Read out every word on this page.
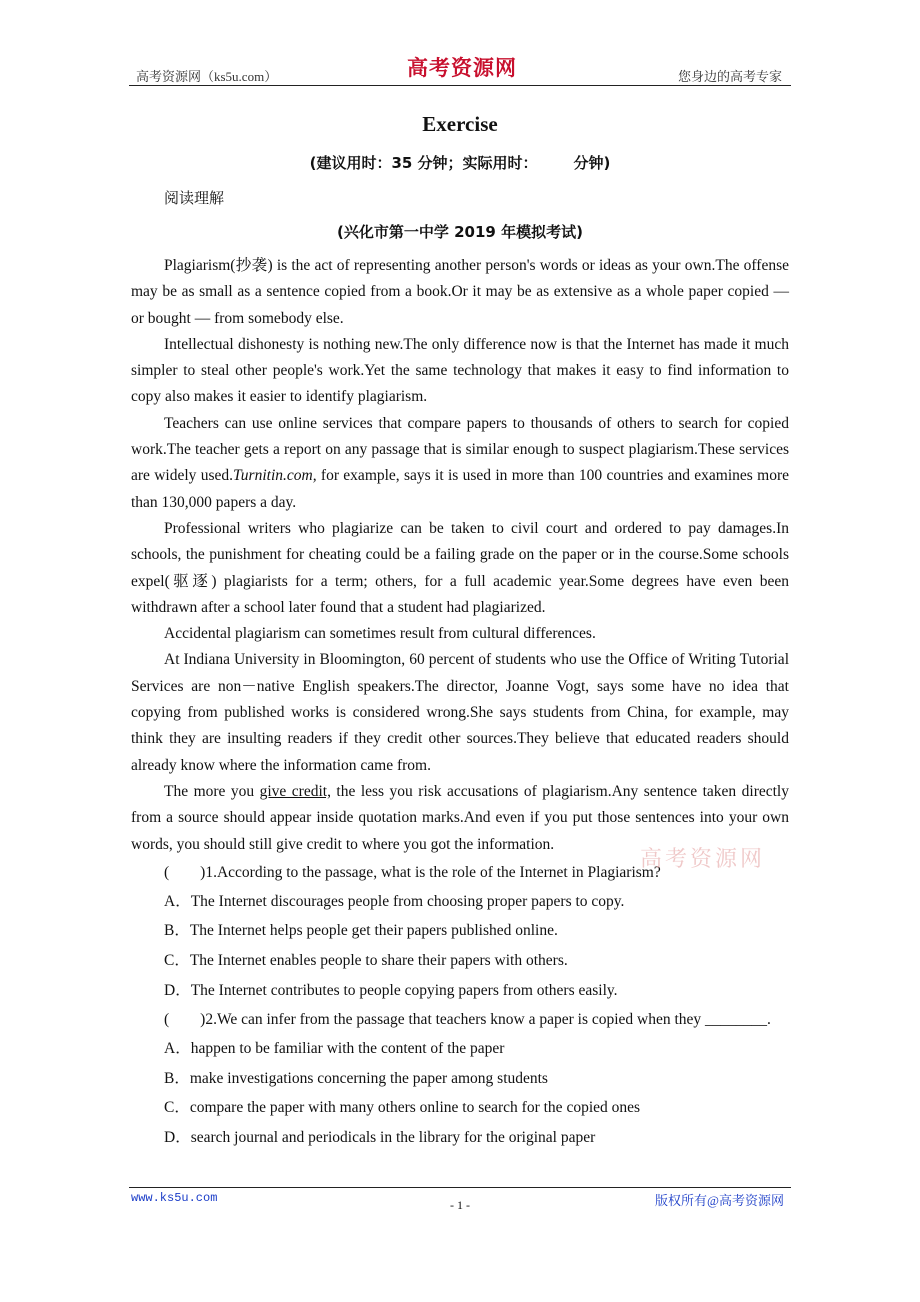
高考资源网（ks5u.com）	高考资源网	您身边的高考专家
Exercise
(建议用时：35 分钟；实际用时： 分钟)
阅读理解
(兴化市第一中学 2019 年模拟考试)

Plagiarism(抄袭) is the act of representing another person's words or ideas as your own.The offense may be as small as a sentence copied from a book.Or it may be as extensive as a whole paper copied — or bought — from somebody else.

Intellectual dishonesty is nothing new.The only difference now is that the Internet has made it much simpler to steal other people's work.Yet the same technology that makes it easy to find information to copy also makes it easier to identify plagiarism.

Teachers can use online services that compare papers to thousands of others to search for copied work.The teacher gets a report on any passage that is similar enough to suspect plagiarism.These services are widely used.Turnitin.com, for example, says it is used in more than 100 countries and examines more than 130,000 papers a day.

Professional writers who plagiarize can be taken to civil court and ordered to pay damages.In schools, the punishment for cheating could be a failing grade on the paper or in the course.Some schools expel(驱逐) plagiarists for a term; others, for a full academic year.Some degrees have even been withdrawn after a school later found that a student had plagiarized.

Accidental plagiarism can sometimes result from cultural differences.

At Indiana University in Bloomington, 60 percent of students who use the Office of Writing Tutorial Services are non－native English speakers.The director, Joanne Vogt, says some have no idea that copying from published works is considered wrong.She says students from China, for example, may think they are insulting readers if they credit other sources.They believe that educated readers should already know where the information came from.

The more you give credit, the less you risk accusations of plagiarism.Any sentence taken directly from a source should appear inside quotation marks.And even if you put those sentences into your own words, you should still give credit to where you got the information.

(　　)1.According to the passage, what is the role of the Internet in Plagiarism?

A．The Internet discourages people from choosing proper papers to copy.

B．The Internet helps people get their papers published online.

C．The Internet enables people to share their papers with others.

D．The Internet contributes to people copying papers from others easily.

(　　)2.We can infer from the passage that teachers know a paper is copied when they ________.

A．happen to be familiar with the content of the paper

B．make investigations concerning the paper among students

C．compare the paper with many others online to search for the copied ones

D．search journal and periodicals in the library for the original paper

高考资源网
www.ks5u.com	- 1 -	版权所有@高考资源网
